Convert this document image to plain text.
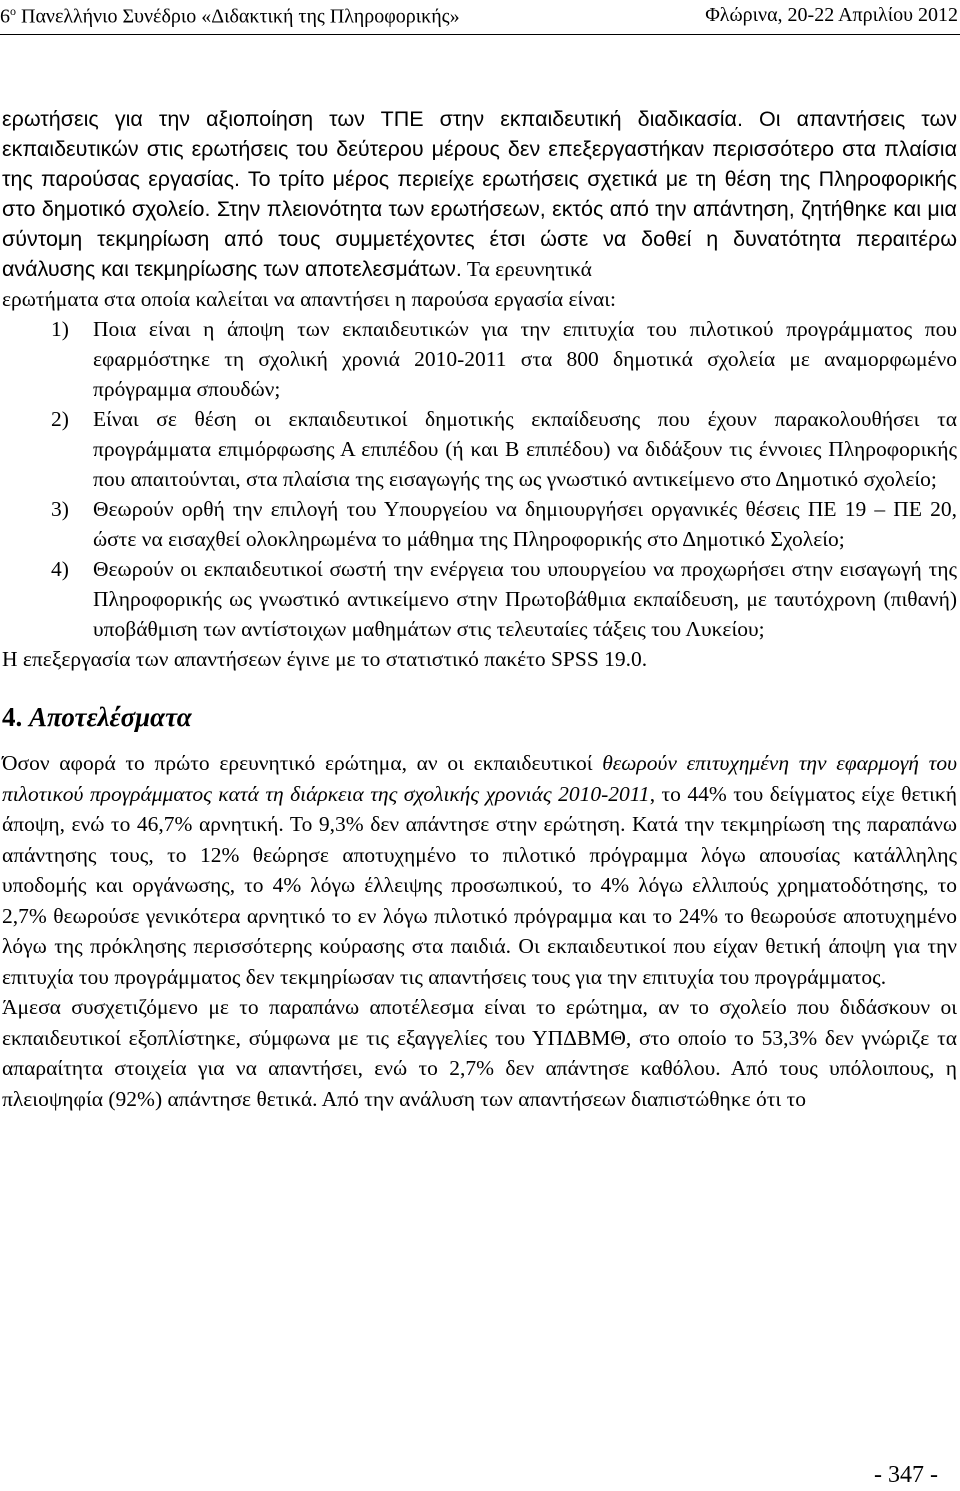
$6^o$ Πανελλήνιο Συνέδριο «Διδακτική της Πληροφορικής»	Φλώρινα, 20-22 Απριλίου 2012

ερωτήσεις για την αξιοποίηση των ΤΠΕ στην εκπαιδευτική διαδικασία. Οι απαντήσεις των εκπαιδευτικών στις ερωτήσεις του δεύτερου μέρους δεν επεξεργαστήκαν περισσότερο στα πλαίσια της παρούσας εργασίας. Το τρίτο μέρος περιείχε ερωτήσεις σχετικά με τη θέση της Πληροφορικής στο δημοτικό σχολείο. Στην πλειονότητα των ερωτήσεων, εκτός από την απάντηση, ζητήθηκε και μια σύντομη τεκμηρίωση από τους συμμετέχοντες έτσι ώστε να δοθεί η δυνατότητα περαιτέρω ανάλυσης και τεκμηρίωσης των αποτελεσμάτων. Τα ερευνητικά

ερωτήματα στα οποία καλείται να απαντήσει η παρούσα εργασία είναι:

1) Ποια είναι η άποψη των εκπαιδευτικών για την επιτυχία του πιλοτικού προγράμματος που εφαρμόστηκε τη σχολική χρονιά 2010-2011 στα 800 δημοτικά σχολεία με αναμορφωμένο πρόγραμμα σπουδών;
2) Είναι σε θέση οι εκπαιδευτικοί δημοτικής εκπαίδευσης που έχουν παρακολουθήσει τα προγράμματα επιμόρφωσης Α επιπέδου (ή και Β επιπέδου) να διδάξουν τις έννοιες Πληροφορικής που απαιτούνται, στα πλαίσια της εισαγωγής της ως γνωστικό αντικείμενο στο Δημοτικό σχολείο;
3) Θεωρούν ορθή την επιλογή του Υπουργείου να δημιουργήσει οργανικές θέσεις ΠΕ 19 – ΠΕ 20, ώστε να εισαχθεί ολοκληρωμένα το μάθημα της Πληροφορικής στο Δημοτικό Σχολείο;
4) Θεωρούν οι εκπαιδευτικοί σωστή την ενέργεια του υπουργείου να προχωρήσει στην εισαγωγή της Πληροφορικής ως γνωστικό αντικείμενο στην Πρωτοβάθμια εκπαίδευση, με ταυτόχρονη (πιθανή) υποβάθμιση των αντίστοιχων μαθημάτων στις τελευταίες τάξεις του Λυκείου;

Η επεξεργασία των απαντήσεων έγινε με το στατιστικό πακέτο SPSS 19.0.

4. Αποτελέσματα

Όσον αφορά το πρώτο ερευνητικό ερώτημα, αν οι εκπαιδευτικοί θεωρούν επιτυχημένη την εφαρμογή του πιλοτικού προγράμματος κατά τη διάρκεια της σχολικής χρονιάς 2010-2011, το 44% του δείγματος είχε θετική άποψη, ενώ το 46,7% αρνητική. Το 9,3% δεν απάντησε στην ερώτηση. Κατά την τεκμηρίωση της παραπάνω απάντησης τους, το 12% θεώρησε αποτυχημένο το πιλοτικό πρόγραμμα λόγω απουσίας κατάλληλης υποδομής και οργάνωσης, το 4% λόγω έλλειψης προσωπικού, το 4% λόγω ελλιπούς χρηματοδότησης, το 2,7% θεωρούσε γενικότερα αρνητικό το εν λόγω πιλοτικό πρόγραμμα και το 24% το θεωρούσε αποτυχημένο λόγω της πρόκλησης περισσότερης κούρασης στα παιδιά. Οι εκπαιδευτικοί που είχαν θετική άποψη για την επιτυχία του προγράμματος δεν τεκμηρίωσαν τις απαντήσεις τους για την επιτυχία του προγράμματος.

Άμεσα συσχετιζόμενο με το παραπάνω αποτέλεσμα είναι το ερώτημα, αν το σχολείο που διδάσκουν οι εκπαιδευτικοί εξοπλίστηκε, σύμφωνα με τις εξαγγελίες του ΥΠΔΒΜΘ, στο οποίο το 53,3% δεν γνώριζε τα απαραίτητα στοιχεία για να απαντήσει, ενώ το 2,7% δεν απάντησε καθόλου. Από τους υπόλοιπους, η πλειοψηφία (92%) απάντησε θετικά. Από την ανάλυση των απαντήσεων διαπιστώθηκε ότι το

- 347 -
